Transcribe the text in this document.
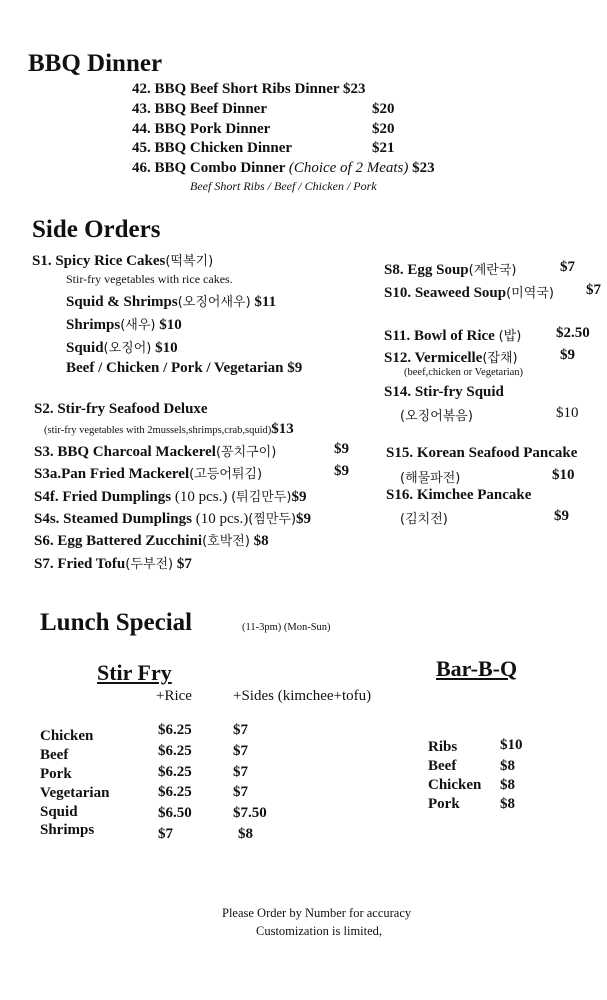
BBQ Dinner
42. BBQ Beef Short Ribs Dinner $23
43. BBQ Beef Dinner	$20
44. BBQ Pork Dinner	$20
45. BBQ Chicken Dinner	$21
46. BBQ Combo Dinner (Choice of 2 Meats) $23
Beef Short Ribs / Beef / Chicken / Pork
Side Orders
S1. Spicy Rice Cakes(떡복기)
Stir-fry vegetables with rice cakes.
Squid & Shrimps(오징어새우) $11
Shrimps(새우) $10
Squid(오징어) $10
Beef / Chicken / Pork / Vegetarian $9
S2. Stir-fry Seafood Deluxe
(stir-fry vegetables with 2mussels,shrimps,crab,squid)$13
S3. BBQ Charcoal Mackerel(꽁치구이)	$9
S3a.Pan Fried Mackerel(고등어튀김)	$9
S4f. Fried Dumplings (10 pcs.) (튀김만두)$9
S4s. Steamed Dumplings (10 pcs.)(찜만두)$9
S6. Egg Battered Zucchini(호박전) $8
S7. Fried Tofu(두부전) $7
S8. Egg Soup(계란국)	$7
S10. Seaweed Soup(미역국) $7
S11. Bowl of Rice (밥) $2.50
S12. Vermicelle(잡채)	$9
(beef,chicken or Vegetarian)
S14. Stir-fry Squid
(오징어볶음)	$10
S15. Korean Seafood Pancake
(해물파전)	$10
S16. Kimchee Pancake
(김치전)	$9
Lunch Special	(11-3pm) (Mon-Sun)
Stir Fry
+Rice	+Sides (kimchee+tofu)
Chicken	$6.25	$7
Beef	$6.25	$7
Pork	$6.25	$7
Vegetarian	$6.25	$7
Squid	$6.50	$7.50
Shrimps	$7	$8
Bar-B-Q
Ribs	$10
Beef	$8
Chicken $8
Pork	$8
Please Order by Number for accuracy
Customization is limited,
